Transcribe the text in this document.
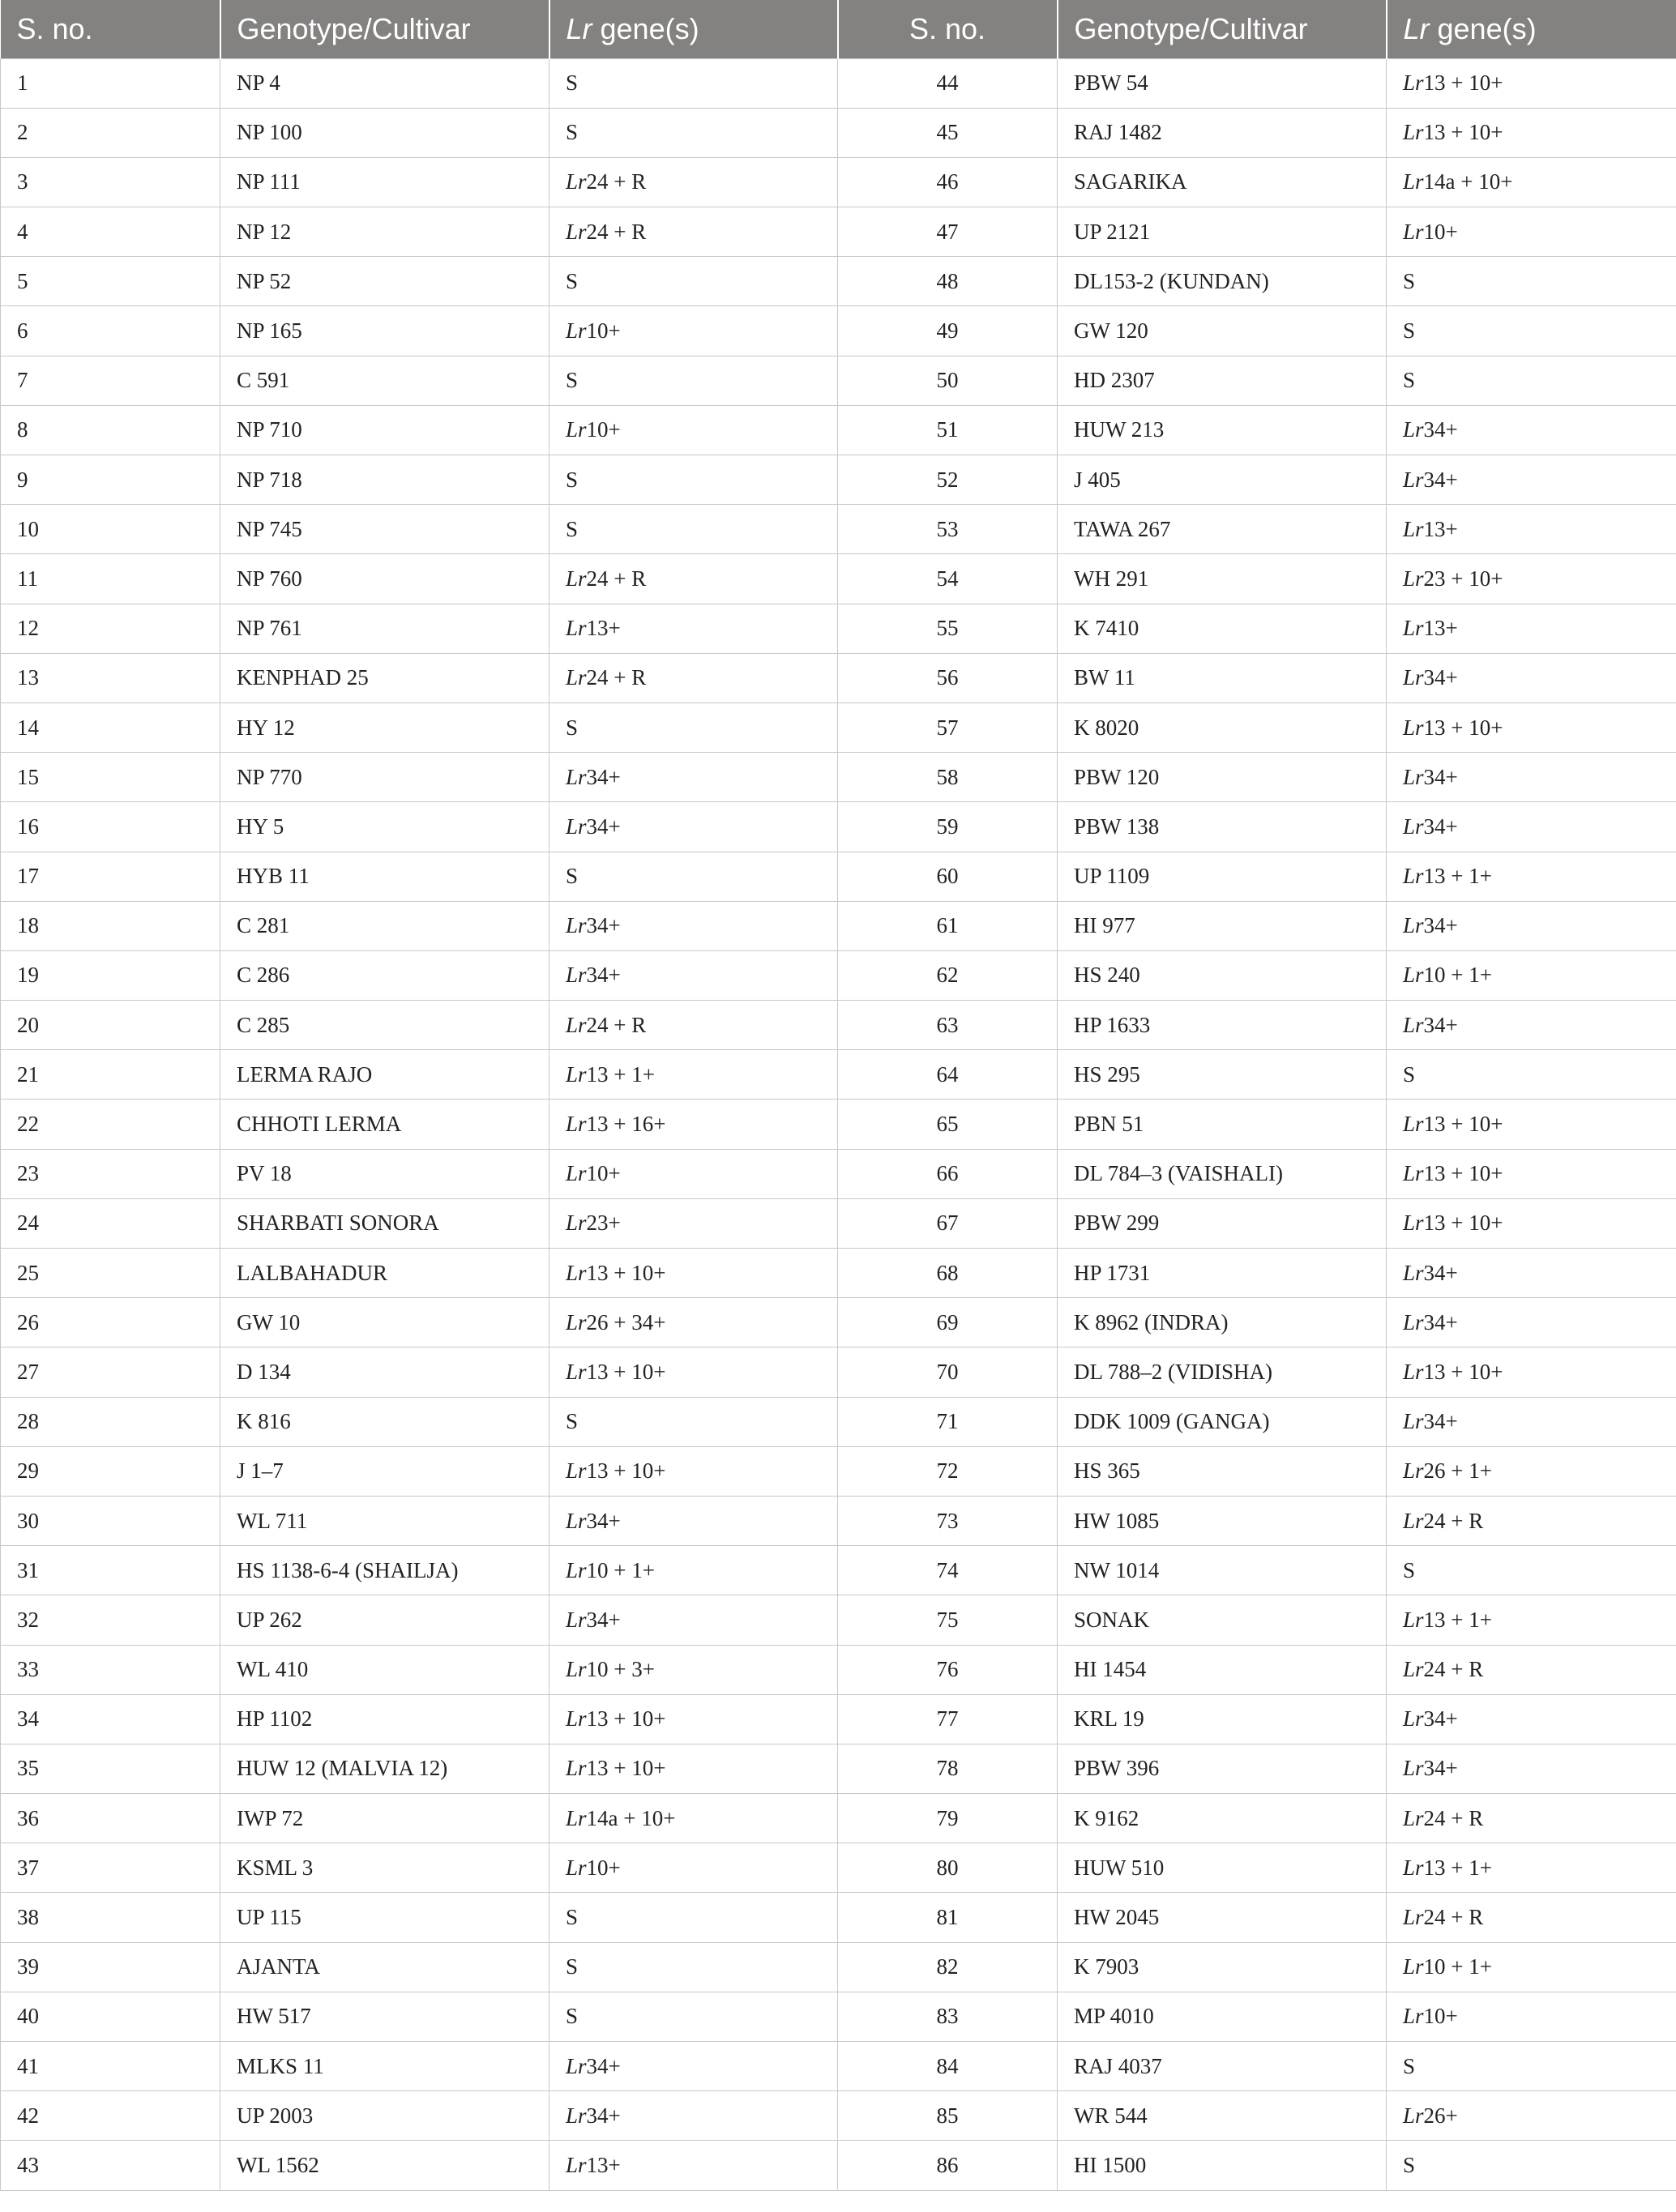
S. no.	Genotype/Cultivar	Lr gene(s)	S. no.	Genotype/Cultivar	Lr gene(s)
1	NP 4	S	44	PBW 54	Lr13 + 10+
2	NP 100	S	45	RAJ 1482	Lr13 + 10+
3	NP 111	Lr24 + R	46	SAGARIKA	Lr14a + 10+
4	NP 12	Lr24 + R	47	UP 2121	Lr10+
5	NP 52	S	48	DL153-2 (KUNDAN)	S
6	NP 165	Lr10+	49	GW 120	S
7	C 591	S	50	HD 2307	S
8	NP 710	Lr10+	51	HUW 213	Lr34+
9	NP 718	S	52	J 405	Lr34+
10	NP 745	S	53	TAWA 267	Lr13+
11	NP 760	Lr24 + R	54	WH 291	Lr23 + 10+
12	NP 761	Lr13+	55	K 7410	Lr13+
13	KENPHAD 25	Lr24 + R	56	BW 11	Lr34+
14	HY 12	S	57	K 8020	Lr13 + 10+
15	NP 770	Lr34+	58	PBW 120	Lr34+
16	HY 5	Lr34+	59	PBW 138	Lr34+
17	HYB 11	S	60	UP 1109	Lr13 + 1+
18	C 281	Lr34+	61	HI 977	Lr34+
19	C 286	Lr34+	62	HS 240	Lr10 + 1+
20	C 285	Lr24 + R	63	HP 1633	Lr34+
21	LERMA RAJO	Lr13 + 1+	64	HS 295	S
22	CHHOTI LERMA	Lr13 + 16+	65	PBN 51	Lr13 + 10+
23	PV 18	Lr10+	66	DL 784–3 (VAISHALI)	Lr13 + 10+
24	SHARBATI SONORA	Lr23+	67	PBW 299	Lr13 + 10+
25	LALBAHADUR	Lr13 + 10+	68	HP 1731	Lr34+
26	GW 10	Lr26 + 34+	69	K 8962 (INDRA)	Lr34+
27	D 134	Lr13 + 10+	70	DL 788–2 (VIDISHA)	Lr13 + 10+
28	K 816	S	71	DDK 1009 (GANGA)	Lr34+
29	J 1–7	Lr13 + 10+	72	HS 365	Lr26 + 1+
30	WL 711	Lr34+	73	HW 1085	Lr24 + R
31	HS 1138-6-4 (SHAILJA)	Lr10 + 1+	74	NW 1014	S
32	UP 262	Lr34+	75	SONAK	Lr13 + 1+
33	WL 410	Lr10 + 3+	76	HI 1454	Lr24 + R
34	HP 1102	Lr13 + 10+	77	KRL 19	Lr34+
35	HUW 12 (MALVIA 12)	Lr13 + 10+	78	PBW 396	Lr34+
36	IWP 72	Lr14a + 10+	79	K 9162	Lr24 + R
37	KSML 3	Lr10+	80	HUW 510	Lr13 + 1+
38	UP 115	S	81	HW 2045	Lr24 + R
39	AJANTA	S	82	K 7903	Lr10 + 1+
40	HW 517	S	83	MP 4010	Lr10+
41	MLKS 11	Lr34+	84	RAJ 4037	S
42	UP 2003	Lr34+	85	WR 544	Lr26+
43	WL 1562	Lr13+	86	HI 1500	S
